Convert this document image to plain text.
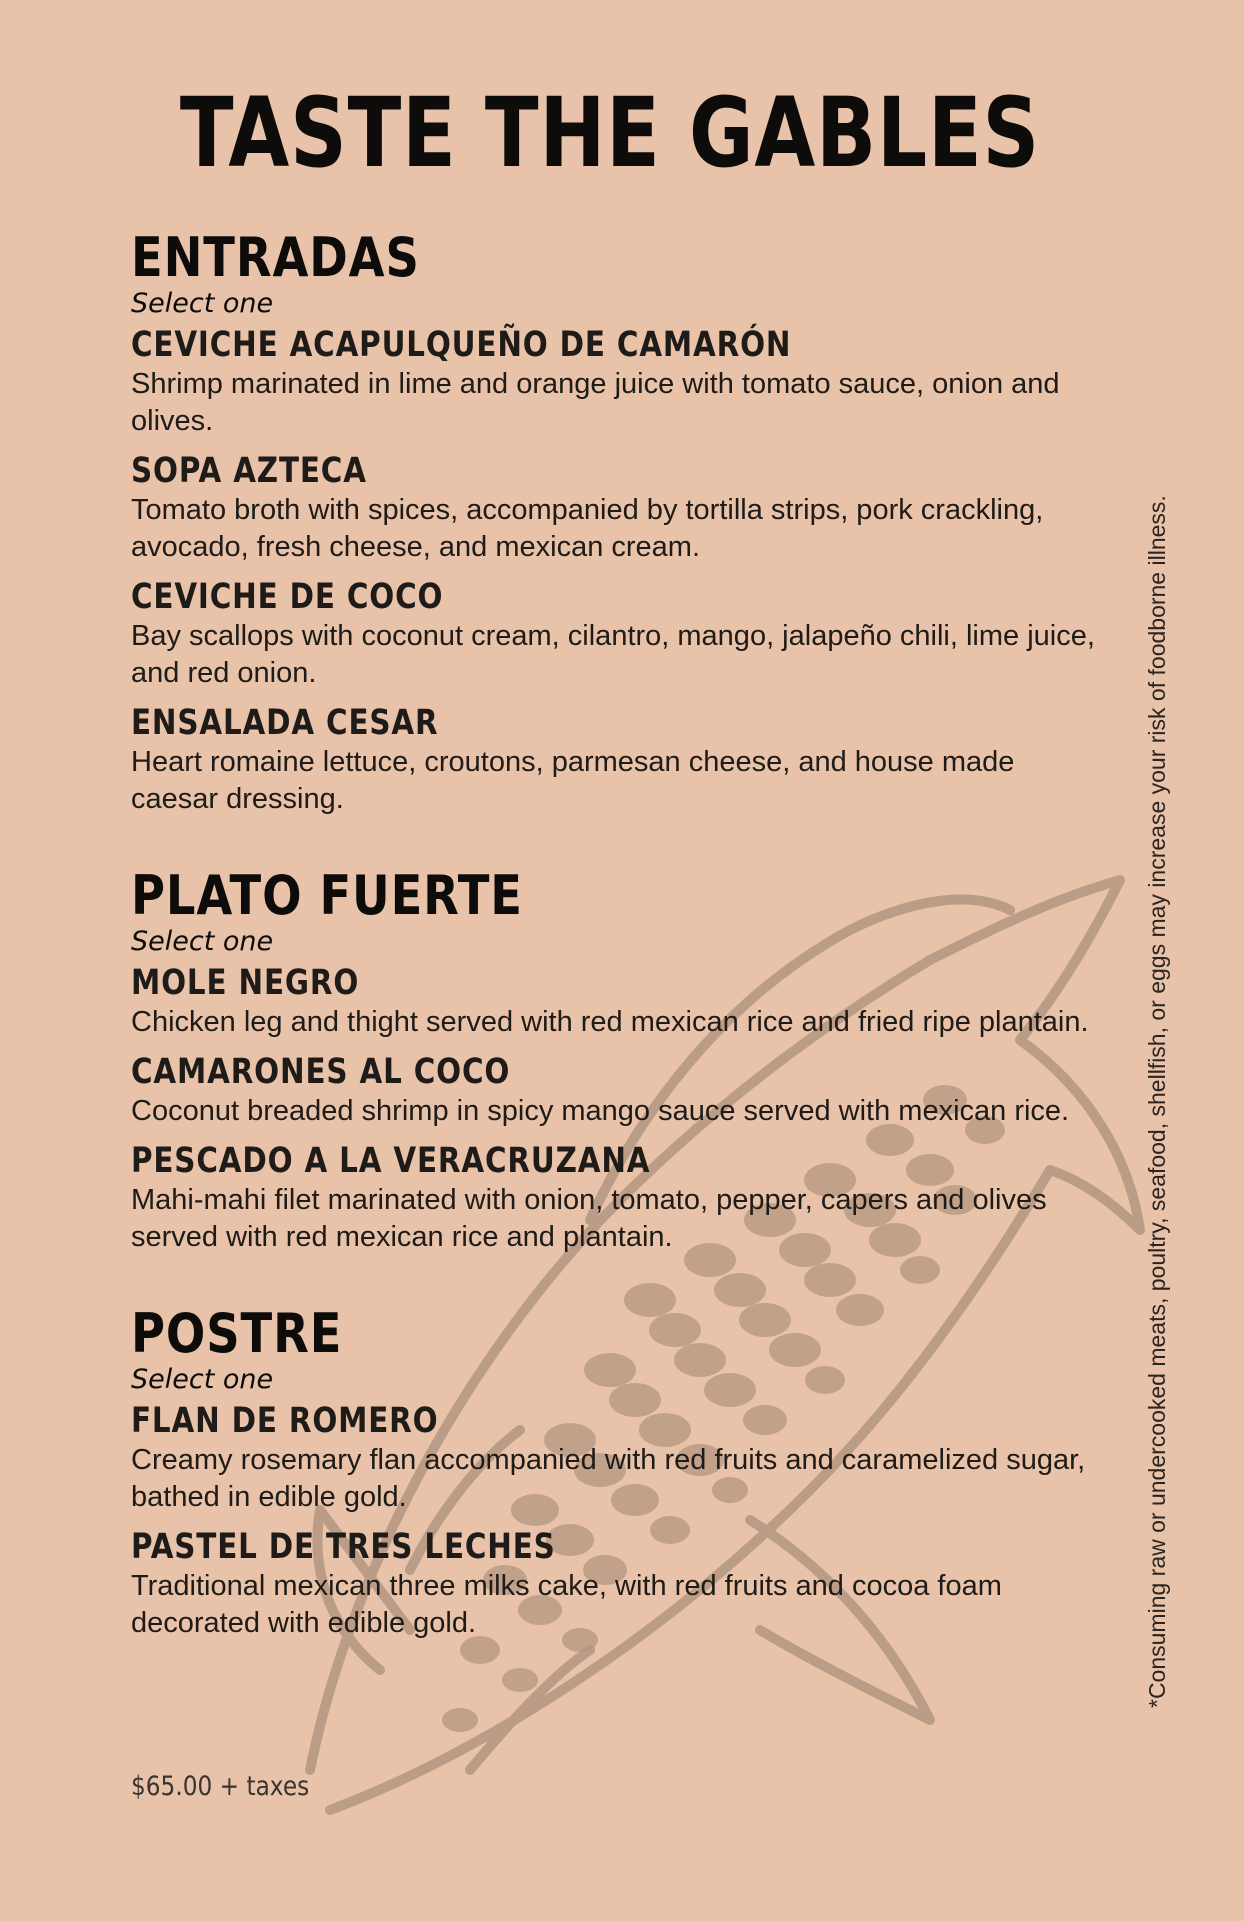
TASTE THE GABLES
ENTRADAS

Select one

CEVICHE ACAPULQUEÑO DE CAMARÓN

Shrimp marinated in lime and orange juice with tomato sauce, onion and olives.

SOPA AZTECA

Tomato broth with spices, accompanied by tortilla strips, pork crackling, avocado, fresh cheese, and mexican cream.

CEVICHE DE COCO

Bay scallops with coconut cream, cilantro, mango, jalapeño chili, lime juice, and red onion.

ENSALADA CESAR

Heart romaine lettuce, croutons, parmesan cheese, and house made caesar dressing.

PLATO FUERTE

Select one

MOLE NEGRO

Chicken leg and thight served with red mexican rice and fried ripe plantain.

CAMARONES AL COCO

Coconut breaded shrimp in spicy mango sauce served with mexican rice.

PESCADO A LA VERACRUZANA

Mahi-mahi filet marinated with onion, tomato, pepper, capers and olives served with red mexican rice and plantain.

POSTRE

Select one

FLAN DE ROMERO

Creamy rosemary flan accompanied with red fruits and caramelized sugar, bathed in edible gold.

PASTEL DE TRES LECHES

Traditional mexican three milks cake, with red fruits and cocoa foam decorated with edible gold.

$65.00 + taxes

*Consuming raw or undercooked meats, poultry, seafood, shellfish, or eggs may increase your risk of foodborne illness.
